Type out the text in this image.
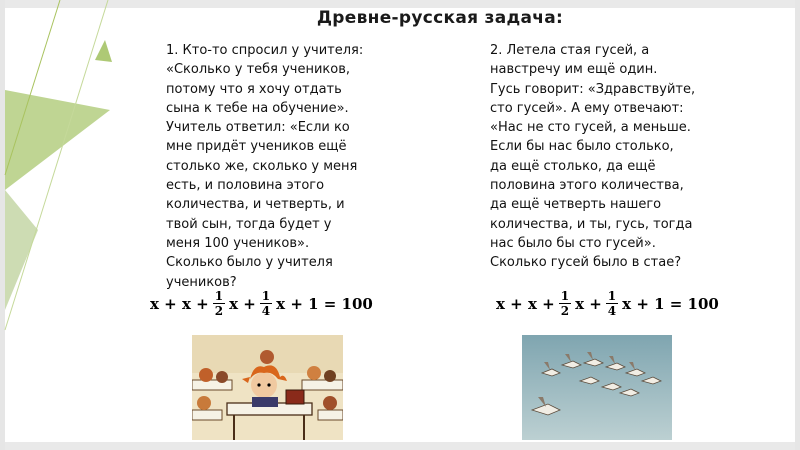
Древне-русская задача:
1. Кто-то спросил у учителя:
«Сколько у тебя учеников,
потому что я хочу отдать
сына к тебе на обучение».
Учитель ответил: «Если ко
мне придёт учеников ещё
столько же, сколько у меня
есть, и половина этого
количества, и четверть, и
твой сын, тогда будет у
меня 100 учеников».
Сколько было у учителя
учеников?
2. Летела стая гусей, а
навстречу им ещё один.
Гусь говорит: «Здравствуйте,
сто гусей». А ему отвечают:
«Нас не сто гусей, а меньше.
Если бы нас было столько,
да ещё столько, да ещё
половина этого количества,
да ещё четверть нашего
количества, и ты, гусь, тогда
нас было бы сто гусей».
Сколько гусей было в стае?
$x + x + \frac{1}{2}$ $x + \frac{1}{4}$ x + 1 = 100	$x + x + \frac{1}{2}$ $x + \frac{1}{4}$ x + 1 = 100
